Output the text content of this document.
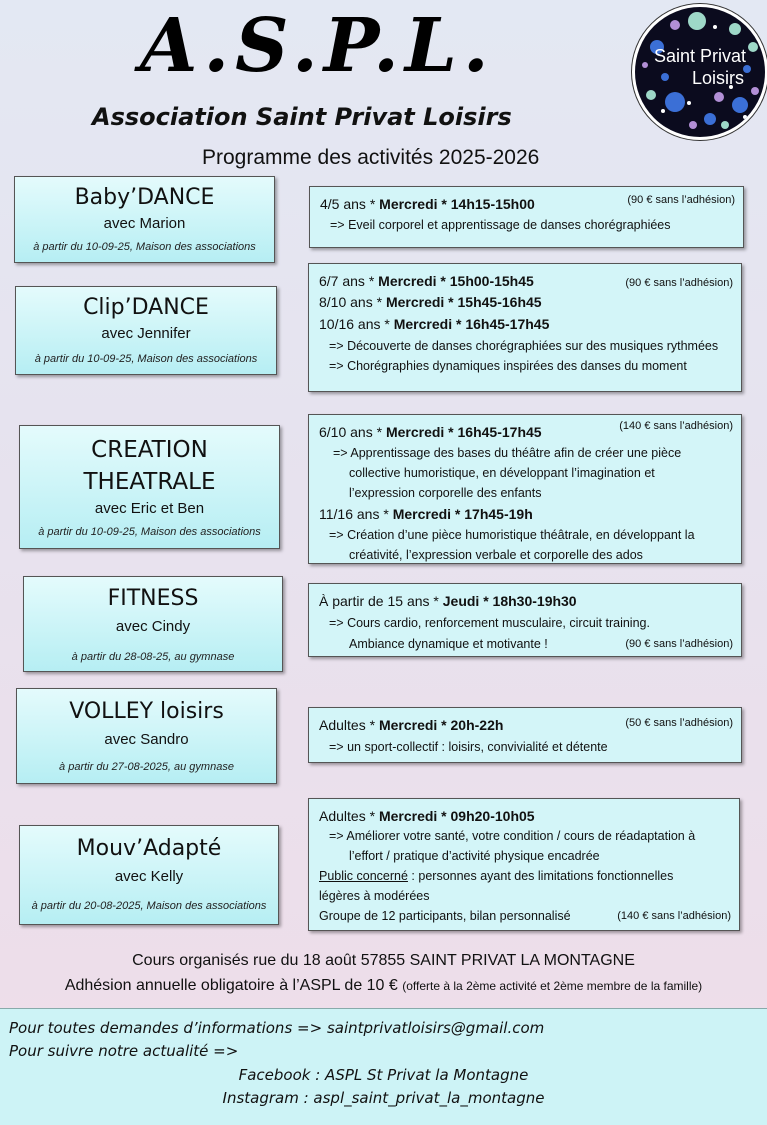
A.S.P.L.
Association Saint Privat Loisirs
Programme des activités 2025-2026
Saint Privat
Loisirs
Baby’DANCE
avec Marion
à partir du 10-09-25, Maison des associations
4/5 ans * Mercredi * 14h15-15h00	(90 € sans l’adhésion)
=> Eveil corporel et apprentissage de danses chorégraphiées
Clip’DANCE
avec Jennifer
à partir du 10-09-25, Maison des associations
6/7 ans * Mercredi * 15h00-15h45	(90 € sans l’adhésion)
8/10 ans * Mercredi * 15h45-16h45
10/16 ans * Mercredi * 16h45-17h45
=> Découverte de danses chorégraphiées sur des musiques rythmées
=> Chorégraphies dynamiques inspirées des danses du moment
CREATION
THEATRALE
avec Eric et Ben
à partir du 10-09-25, Maison des associations
6/10 ans * Mercredi * 16h45-17h45	(140 € sans l’adhésion)
=> Apprentissage des bases du théâtre afin de créer une pièce
collective humoristique, en développant l’imagination et
l’expression corporelle des enfants
11/16 ans * Mercredi * 17h45-19h
=> Création d’une pièce humoristique théâtrale, en développant la
créativité, l’expression verbale et corporelle des ados
FITNESS
avec Cindy
à partir du 28-08-25, au gymnase
À partir de 15 ans * Jeudi * 18h30-19h30
=> Cours cardio, renforcement musculaire, circuit training.
Ambiance dynamique et motivante !	(90 € sans l’adhésion)
VOLLEY loisirs
avec Sandro
à partir du 27-08-2025, au gymnase
Adultes * Mercredi * 20h-22h	(50 € sans l’adhésion)
=> un sport-collectif : loisirs, convivialité et détente
Mouv’Adapté
avec Kelly
à partir du 20-08-2025, Maison des associations
Adultes * Mercredi * 09h20-10h05
=> Améliorer votre santé, votre condition / cours de réadaptation à
l’effort / pratique d’activité physique encadrée
Public concerné : personnes ayant des limitations fonctionnelles
légères à modérées
Groupe de 12 participants, bilan personnalisé	(140 € sans l’adhésion)
Cours organisés rue du 18 août 57855 SAINT PRIVAT LA MONTAGNE
Adhésion annuelle obligatoire à l’ASPL de 10 € (offerte à la 2ème activité et 2ème membre de la famille)
Pour toutes demandes d’informations => saintprivatloisirs@gmail.com
Pour suivre notre actualité =>
Facebook : ASPL St Privat la Montagne
Instagram : aspl_saint_privat_la_montagne
